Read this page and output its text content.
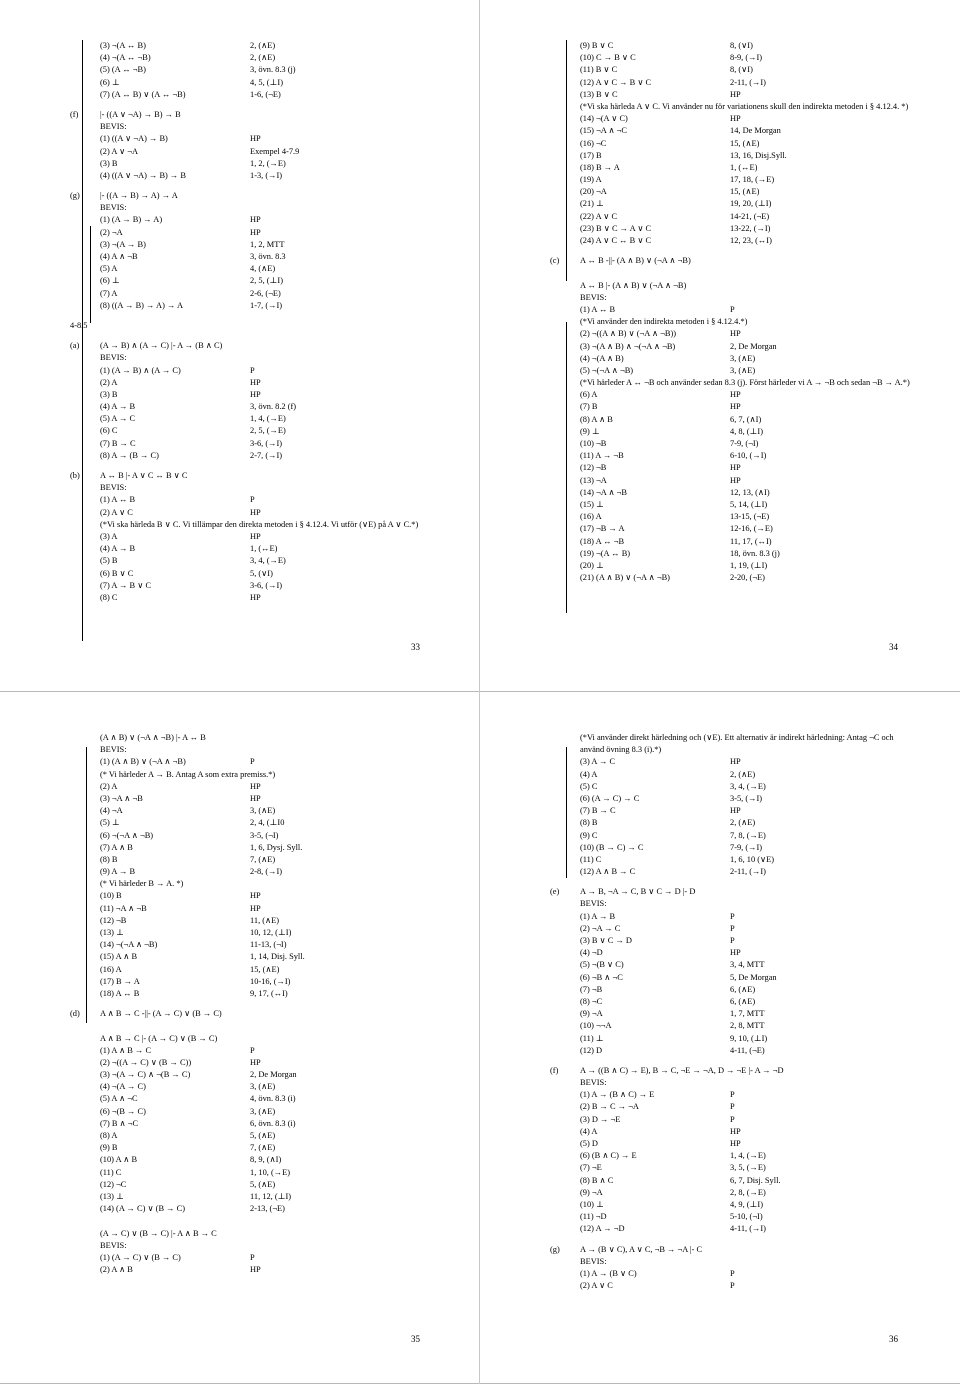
(3) ¬(A ↔ B)	2, (∧E)
(4) ¬(A ↔ ¬B)	2, (∧E)
(5) (A ↔ ¬B)	3, övn. 8.3 (j)
(6) ⊥	4, 5, (⊥I)
(7) (A ↔ B) ∨ (A ↔ ¬B)	1-6, (¬E)
(f)	|- ((A ∨ ¬A) → B) → B
BEVIS:
(1) ((A ∨ ¬A) → B)	HP
(2) A ∨ ¬A	Exempel 4-7.9
(3) B	1, 2, (→E)
(4) ((A ∨ ¬A) → B) → B	1-3, (→I)
(g) |- ((A → B) → A) → A
BEVIS:
(1) (A → B) → A)	HP
(2) ¬A	HP
(3) ¬(A → B)	1, 2, MTT
(4) A ∧ ¬B	3, övn. 8.3
(5) A	4, (∧E)
(6) ⊥	2, 5, (⊥I)
(7) A	2-6, (¬E)
(8) ((A → B) → A) → A	1-7, (→I)
4-8.5
(a) (A → B) ∧ (A → C) |- A → (B ∧ C)
BEVIS:
(1) (A → B) ∧ (A → C)	P
(2) A	HP
(3) B	HP
(4) A → B	3, övn. 8.2 (f)
(5) A → C	1, 4, (→E)
(6) C	2, 5, (→E)
(7) B → C	3-6, (→I)
(8) A → (B → C)	2-7, (→I)
(b) A ↔ B |- A ∨ C ↔ B ∨ C
BEVIS:
(1) A ↔ B	P
(2) A ∨ C	HP
(*Vi ska härleda B ∨ C. Vi tillämpar den direkta metoden i § 4.12.4. Vi utför (∨E) på A ∨ C.*)
(3) A	HP
(4) A → B	1, (↔E)
(5) B	3, 4, (→E)
(6) B ∨ C	5, (∨I)
(7) A → B ∨ C	3-6, (→I)
(8) C	HP
33
(9) B ∨ C	8, (∨I)
(10) C → B ∨ C	8-9, (→I)
(11) B ∨ C	8, (∨I)
(12) A ∨ C → B ∨ C	2-11, (→I)
(13) B ∨ C	HP
(*Vi ska härleda A ∨ C. Vi använder nu för variationens skull den indirekta metoden i § 4.12.4. *)
(14) ¬(A ∨ C)	HP
(15) ¬A ∧ ¬C	14, De Morgan
(16) ¬C	15, (∧E)
(17) B	13, 16, Disj.Syll.
(18) B → A	1, (↔E)
(19) A	17, 18, (→E)
(20) ¬A	15, (∧E)
(21) ⊥	19, 20, (⊥I)
(22) A ∨ C	14-21, (¬E)
(23) B ∨ C → A ∨ C	13-22, (→I)
(24) A ∨ C ↔ B ∨ C	12, 23, (↔I)
(c) A ↔ B -||- (A ∧ B) ∨ (¬A ∧ ¬B)
A ↔ B |- (A ∧ B) ∨ (¬A ∧ ¬B)
BEVIS:
(1) A ↔ B	P
(*Vi använder den indirekta metoden i § 4.12.4.*)
(2) ¬((A ∧ B) ∨ (¬A ∧ ¬B))	HP
(3) ¬(A ∧ B) ∧ ¬(¬A ∧ ¬B)	2, De Morgan
(4) ¬(A ∧ B)	3, (∧E)
(5) ¬(¬A ∧ ¬B)	3, (∧E)
(*Vi härleder A ↔ ¬B och använder sedan 8.3 (j). Först härleder vi A → ¬B och sedan ¬B → A.*)
(6) A	HP
(7) B	HP
(8) A ∧ B	6, 7, (∧I)
(9) ⊥	4, 8, (⊥I)
(10) ¬B	7-9, (¬I)
(11) A → ¬B	6-10, (→I)
(12) ¬B	HP
(13) ¬A	HP
(14) ¬A ∧ ¬B	12, 13, (∧I)
(15) ⊥	5, 14, (⊥I)
(16) A	13-15, (¬E)
(17) ¬B → A	12-16, (→E)
(18) A ↔ ¬B	11, 17, (↔I)
(19) ¬(A ↔ B)	18, övn. 8.3 (j)
(20) ⊥	1, 19, (⊥I)
(21) (A ∧ B) ∨ (¬A ∧ ¬B)	2-20, (¬E)
34
(A ∧ B) ∨ (¬A ∧ ¬B) |- A ↔ B
BEVIS:
(1) (A ∧ B) ∨ (¬A ∧ ¬B)	P
(* Vi härleder A → B. Antag A som extra premiss.*)
(2) A	HP
(3) ¬A ∧ ¬B	HP
(4) ¬A	3, (∧E)
(5) ⊥	2, 4, (⊥I0
(6) ¬(¬A ∧ ¬B)	3-5, (¬I)
(7) A ∧ B	1, 6, Dysj. Syll.
(8) B	7, (∧E)
(9) A → B	2-8, (→I)
(* Vi härleder B → A. *)
(10) B	HP
(11) ¬A ∧ ¬B	HP
(12) ¬B	11, (∧E)
(13) ⊥	10, 12, (⊥I)
(14) ¬(¬A ∧ ¬B)	11-13, (¬I)
(15) A ∧ B	1, 14, Disj. Syll.
(16) A	15, (∧E)
(17) B → A	10-16, (→I)
(18) A ↔ B	9, 17, (↔I)
(d) A ∧ B → C -||- (A → C) ∨ (B → C)
A ∧ B → C |- (A → C) ∨ (B → C)
(1) A ∧ B → C	P
(2) ¬((A → C) ∨ (B → C))	HP
(3) ¬(A → C) ∧ ¬(B → C)	2, De Morgan
(4) ¬(A → C)	3, (∧E)
(5) A ∧ ¬C	4, övn. 8.3 (i)
(6) ¬(B → C)	3, (∧E)
(7) B ∧ ¬C	6, övn. 8.3 (i)
(8) A	5, (∧E)
(9) B	7, (∧E)
(10) A ∧ B	8, 9, (∧I)
(11) C	1, 10, (→E)
(12) ¬C	5, (∧E)
(13) ⊥	11, 12, (⊥I)
(14) (A → C) ∨ (B → C)	2-13, (¬E)
(A → C) ∨ (B → C) |- A ∧ B → C
BEVIS:
(1) (A → C) ∨ (B → C)	P
(2) A ∧ B	HP
35
(*Vi använder direkt härledning och (∨E). Ett alternativ är indirekt härledning: Antag ¬C och använd övning 8.3 (i).*)
(3) A → C	HP
(4) A	2, (∧E)
(5) C	3, 4, (→E)
(6) (A → C) → C	3-5, (→I)
(7) B → C	HP
(8) B	2, (∧E)
(9) C	7, 8, (→E)
(10) (B → C) → C	7-9, (→I)
(11) C	1, 6, 10 (∨E)
(12) A ∧ B → C	2-11, (→I)
(e) A → B, ¬A → C, B ∨ C → D |- D
BEVIS:
(1) A → B	P
(2) ¬A → C	P
(3) B ∨ C → D	P
(4) ¬D	HP
(5) ¬(B ∨ C)	3, 4, MTT
(6) ¬B ∧ ¬C	5, De Morgan
(7) ¬B	6, (∧E)
(8) ¬C	6, (∧E)
(9) ¬A	1, 7, MTT
(10) ¬¬A	2, 8, MTT
(11) ⊥	9, 10, (⊥I)
(12) D	4-11, (¬E)
(f)	A → ((B ∧ C) → E), B → C, ¬E → ¬A, D → ¬E |- A → ¬D
BEVIS:
(1) A → (B ∧ C) → E	P
(2) B → C → ¬A	P
(3) D → ¬E	P
(4) A	HP
(5) D	HP
(6) (B ∧ C) → E	1, 4, (→E)
(7) ¬E	3, 5, (→E)
(8) B ∧ C	6, 7, Disj. Syll.
(9) ¬A	2, 8, (→E)
(10) ⊥	4, 9, (⊥I)
(11) ¬D	5-10, (¬I)
(12) A → ¬D	4-11, (→I)
(g) A → (B ∨ C), A ∨ C, ¬B → ¬A |- C
BEVIS:
(1) A → (B ∨ C)	P
(2) A ∨ C	P
36
